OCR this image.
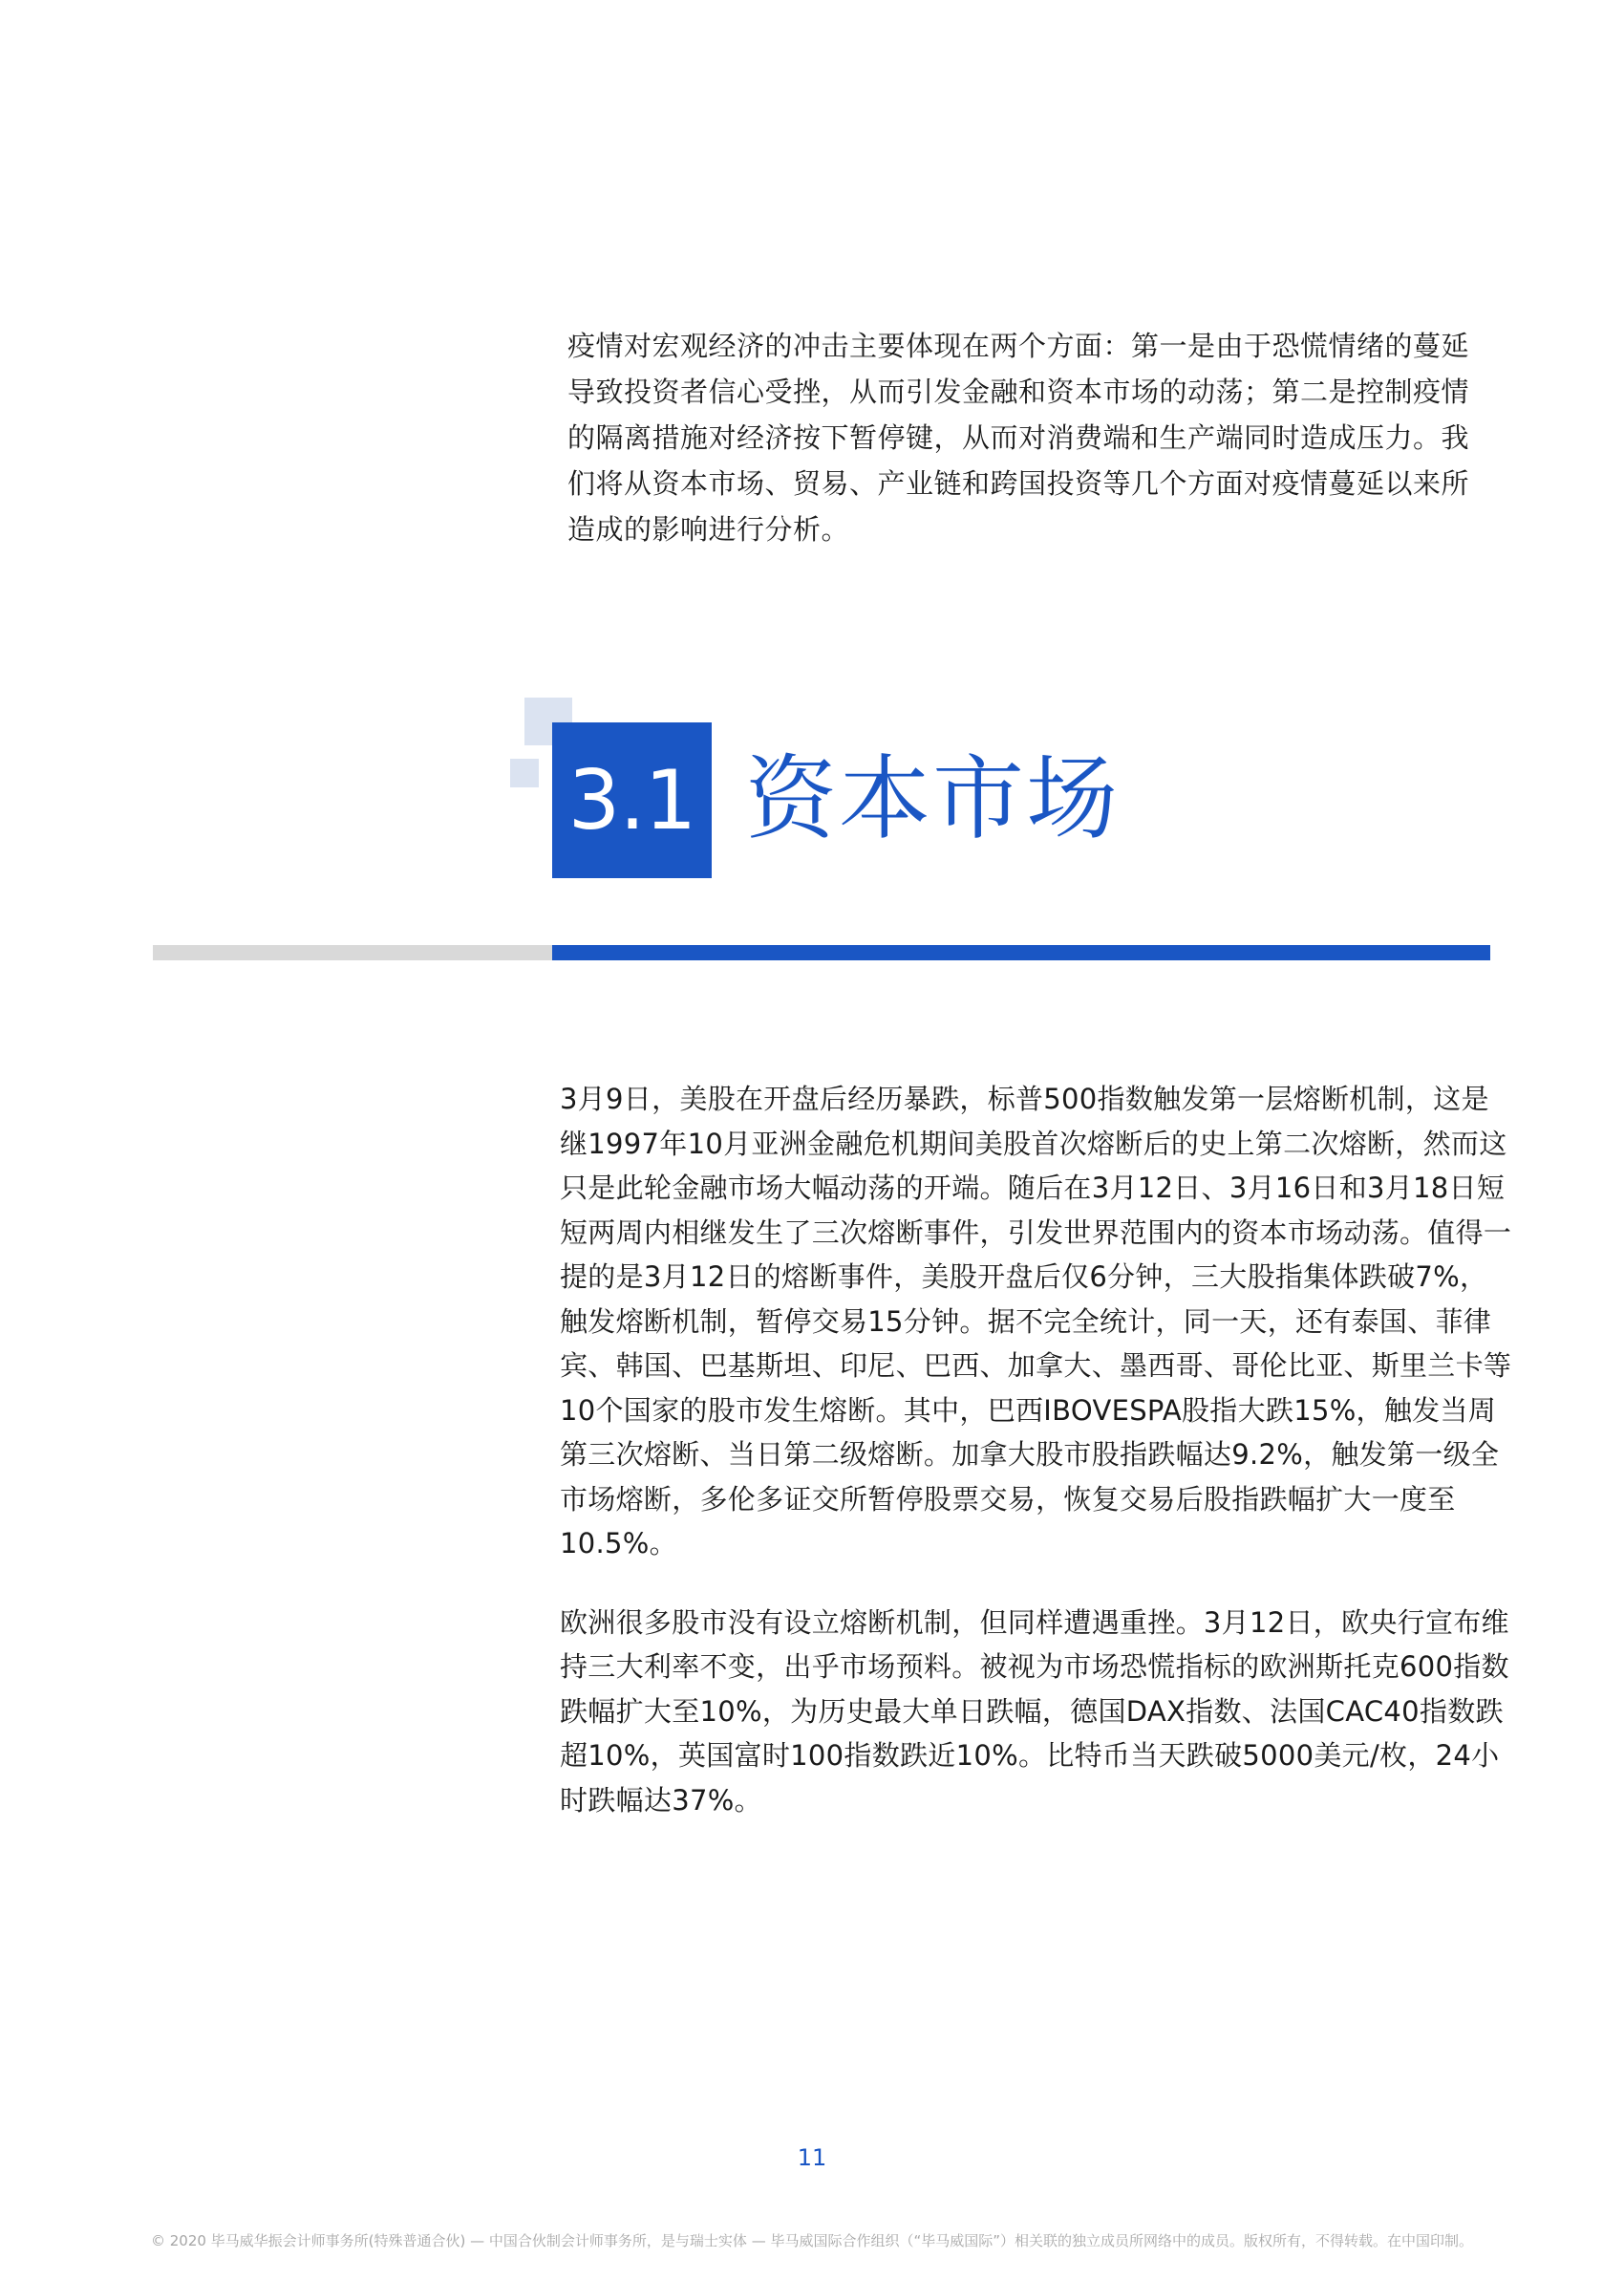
疫情对宏观经济的冲击主要体现在两个方面：第一是由于恐慌情绪的蔓延导致投资者信心受挫，从而引发金融和资本市场的动荡；第二是控制疫情的隔离措施对经济按下暂停键，从而对消费端和生产端同时造成压力。我们将从资本市场、贸易、产业链和跨国投资等几个方面对疫情蔓延以来所造成的影响进行分析。

3.1 资本市场

3月9日，美股在开盘后经历暴跌，标普500指数触发第一层熔断机制，这是继1997年10月亚洲金融危机期间美股首次熔断后的史上第二次熔断，然而这只是此轮金融市场大幅动荡的开端。随后在3月12日、3月16日和3月18日短短两周内相继发生了三次熔断事件，引发世界范围内的资本市场动荡。值得一提的是3月12日的熔断事件，美股开盘后仅6分钟，三大股指集体跌破7%，触发熔断机制，暂停交易15分钟。据不完全统计，同一天，还有泰国、菲律宾、韩国、巴基斯坦、印尼、巴西、加拿大、墨西哥、哥伦比亚、斯里兰卡等10个国家的股市发生熔断。其中，巴西IBOVESPA股指大跌15%，触发当周第三次熔断、当日第二级熔断。加拿大股市股指跌幅达9.2%，触发第一级全市场熔断，多伦多证交所暂停股票交易，恢复交易后股指跌幅扩大一度至10.5%。

欧洲很多股市没有设立熔断机制，但同样遭遇重挫。3月12日，欧央行宣布维持三大利率不变，出乎市场预料。被视为市场恐慌指标的欧洲斯托克600指数跌幅扩大至10%，为历史最大单日跌幅，德国DAX指数、法国CAC40指数跌超10%，英国富时100指数跌近10%。比特币当天跌破5000美元/枚，24小时跌幅达37%。

11
© 2020 毕马威华振会计师事务所(特殊普通合伙) — 中国合伙制会计师事务所，是与瑞士实体 — 毕马威国际合作组织（“毕马威国际”）相关联的独立成员所网络中的成员。版权所有，不得转载。在中国印制。
